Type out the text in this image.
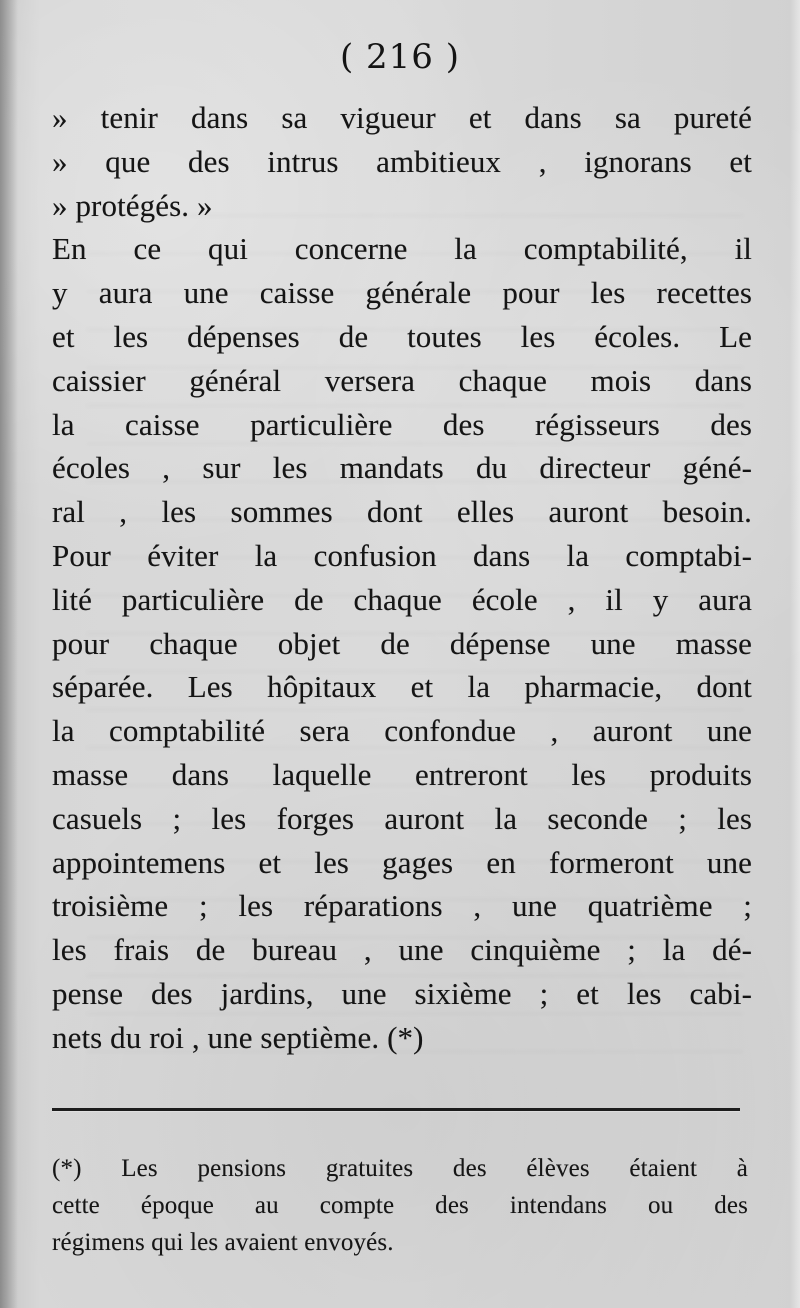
( 216 )
» tenir dans sa vigueur et dans sa pureté
» que des intrus ambitieux , ignorans et
» protégés. »
En ce qui concerne la comptabilité, il
y aura une caisse générale pour les recettes
et les dépenses de toutes les écoles. Le
caissier général versera chaque mois dans
la caisse particulière des régisseurs des
écoles , sur les mandats du directeur géné-
ral , les sommes dont elles auront besoin.
Pour éviter la confusion dans la comptabi-
lité particulière de chaque école , il y aura
pour chaque objet de dépense une masse
séparée. Les hôpitaux et la pharmacie, dont
la comptabilité sera confondue , auront une
masse dans laquelle entreront les produits
casuels ; les forges auront la seconde ; les
appointemens et les gages en formeront une
troisième ; les réparations , une quatrième ;
les frais de bureau , une cinquième ; la dé-
pense des jardins, une sixième ; et les cabi-
nets du roi , une septième. (*)
(*) Les pensions gratuites des élèves étaient à
cette époque au compte des intendans ou des
régimens qui les avaient envoyés.
